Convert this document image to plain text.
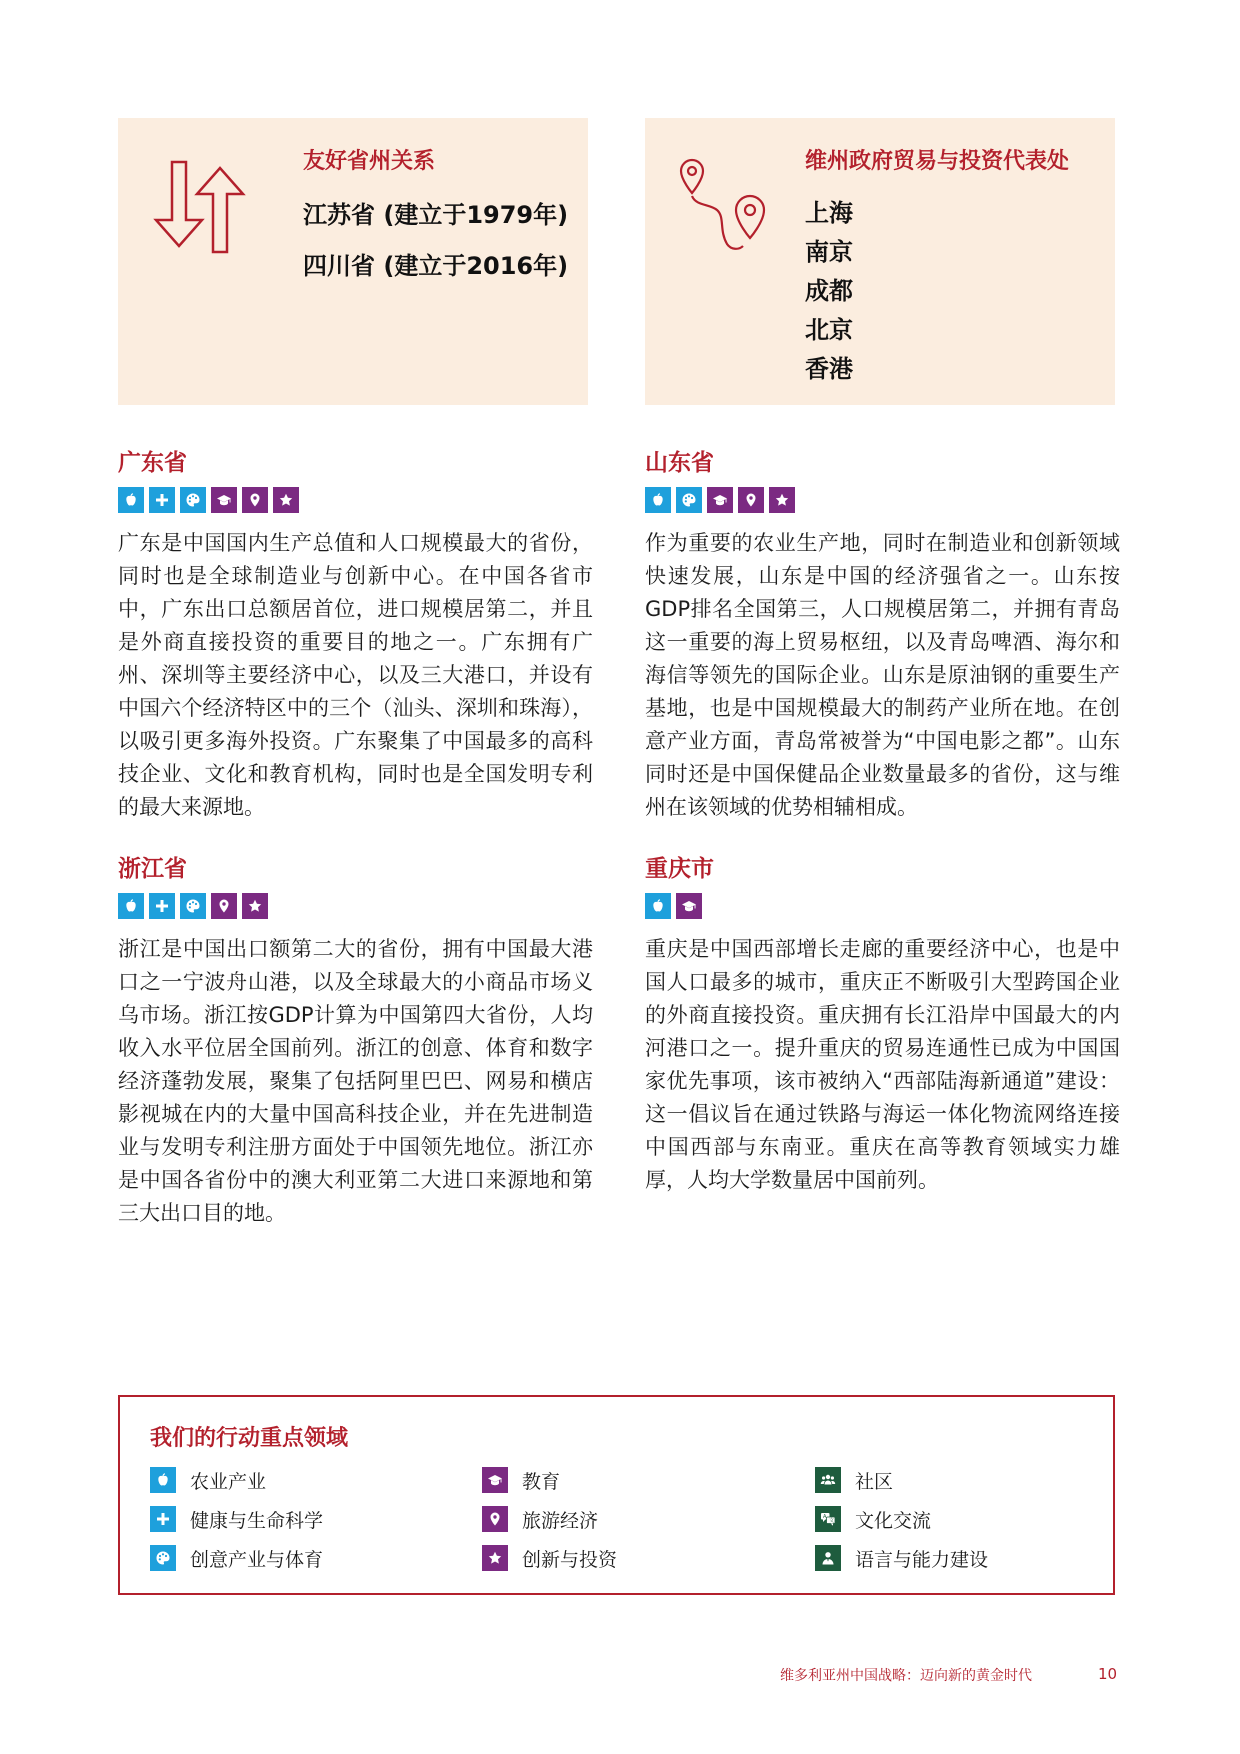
友好省州关系
江苏省 (建立于1979年)
四川省 (建立于2016年)
维州政府贸易与投资代表处
上海
南京
成都
北京
香港
广东省
广东是中国国内生产总值和人口规模最大的省份，同时也是全球制造业与创新中心。在中国各省市中，广东出口总额居首位，进口规模居第二，并且是外商直接投资的重要目的地之一。广东拥有广州、深圳等主要经济中心，以及三大港口，并设有中国六个经济特区中的三个（汕头、深圳和珠海），以吸引更多海外投资。广东聚集了中国最多的高科技企业、文化和教育机构，同时也是全国发明专利的最大来源地。
浙江省
浙江是中国出口额第二大的省份，拥有中国最大港口之一宁波舟山港，以及全球最大的小商品市场义乌市场。浙江按GDP计算为中国第四大省份，人均收入水平位居全国前列。浙江的创意、体育和数字经济蓬勃发展，聚集了包括阿里巴巴、网易和横店影视城在内的大量中国高科技企业，并在先进制造业与发明专利注册方面处于中国领先地位。浙江亦是中国各省份中的澳大利亚第二大进口来源地和第三大出口目的地。
山东省
作为重要的农业生产地，同时在制造业和创新领域快速发展，山东是中国的经济强省之一。山东按GDP排名全国第三，人口规模居第二，并拥有青岛这一重要的海上贸易枢纽，以及青岛啤酒、海尔和海信等领先的国际企业。山东是原油钢的重要生产基地，也是中国规模最大的制药产业所在地。在创意产业方面，青岛常被誉为“中国电影之都”。山东同时还是中国保健品企业数量最多的省份，这与维州在该领域的优势相辅相成。
重庆市
重庆是中国西部增长走廊的重要经济中心，也是中国人口最多的城市，重庆正不断吸引大型跨国企业的外商直接投资。重庆拥有长江沿岸中国最大的内河港口之一。提升重庆的贸易连通性已成为中国国家优先事项，该市被纳入“西部陆海新通道”建设：这一倡议旨在通过铁路与海运一体化物流网络连接中国西部与东南亚。重庆在高等教育领域实力雄厚，人均大学数量居中国前列。
我们的行动重点领域
农业产业
健康与生命科学
创意产业与体育
教育
旅游经济
创新与投资
社区
文化交流
语言与能力建设
维多利亚州中国战略：迈向新的黄金时代	10
